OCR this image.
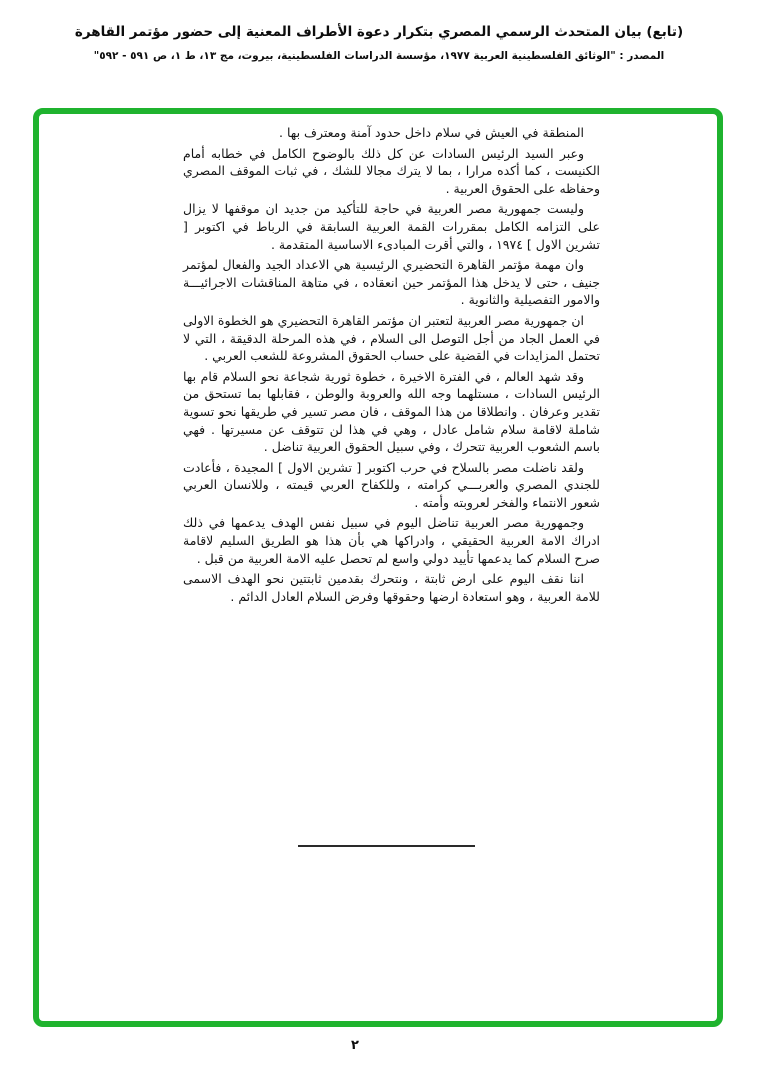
(تابع) بيان المتحدث الرسمي المصري بتكرار دعوة الأطراف المعنية إلى حضور مؤتمر القاهرة
المصدر : "الوثائق الفلسطينية العربية ١٩٧٧، مؤسسة الدراسات الفلسطينية، بيروت، مج ١٣، ط ١، ص ٥٩١ - ٥٩٢"

المنطقة في العيش في سلام داخل حدود آمنة ومعترف بها .

وعبر السيد الرئيس السادات عن كل ذلك بالوضوح الكامل في خطابه أمام الكنيست ، كما أكده مرارا ، بما لا يترك مجالا للشك ، في ثبات الموقف المصري وحفاظه على الحقوق العربية .

وليست جمهورية مصر العربية في حاجة للتأكيد من جديد ان موقفها لا يزال على التزامه الكامل بمقررات القمة العربية السابقة في الرباط في اكتوبر [ تشرين الاول ] ١٩٧٤ ، والتي أقرت المبادىء الاساسية المتقدمة .

وان مهمة مؤتمر القاهرة التحضيري الرئيسية هي الاعداد الجيد والفعال لمؤتمر جنيف ، حتى لا يدخل هذا المؤتمر حين انعقاده ، في متاهة المناقشات الاجرائيـــة والامور التفصيلية والثانوية .

ان جمهورية مصر العربية لتعتبر ان مؤتمر القاهرة التحضيري هو الخطوة الاولى في العمل الجاد من أجل التوصل الى السلام ، في هذه المرحلة الدقيقة ، التي لا تحتمل المزايدات في القضية على حساب الحقوق المشروعة للشعب العربي .

وقد شهد العالم ، في الفترة الاخيرة ، خطوة ثورية شجاعة نحو السلام قام بها الرئيس السادات ، مستلهما وجه الله والعروبة والوطن ، فقابلها بما تستحق من تقدير وعرفان . وانطلاقا من هذا الموقف ، فان مصر تسير في طريقها نحو تسوية شاملة لاقامة سلام شامل عادل ، وهي في هذا لن تتوقف عن مسيرتها . فهي باسم الشعوب العربية تتحرك ، وفي سبيل الحقوق العربية تناضل .

ولقد ناضلت مصر بالسلاح في حرب اكتوبر [ تشرين الاول ] المجيدة ، فأعادت للجندي المصري والعربـــي كرامته ، وللكفاح العربي قيمته ، وللانسان العربي شعور الانتماء والفخر لعروبته وأمته .

وجمهورية مصر العربية تناضل اليوم في سبيل نفس الهدف يدعمها في ذلك ادراك الامة العربية الحقيقي ، وادراكها هي بأن هذا هو الطريق السليم لاقامة صرح السلام كما يدعمها تأييد دولي واسع لم تحصل عليه الامة العربية من قبل .

اننا نقف اليوم على ارض ثابتة ، ونتحرك بقدمين ثابتتين نحو الهدف الاسمى للامة العربية ، وهو استعادة ارضها وحقوقها وفرض السلام العادل الدائم .

٢
